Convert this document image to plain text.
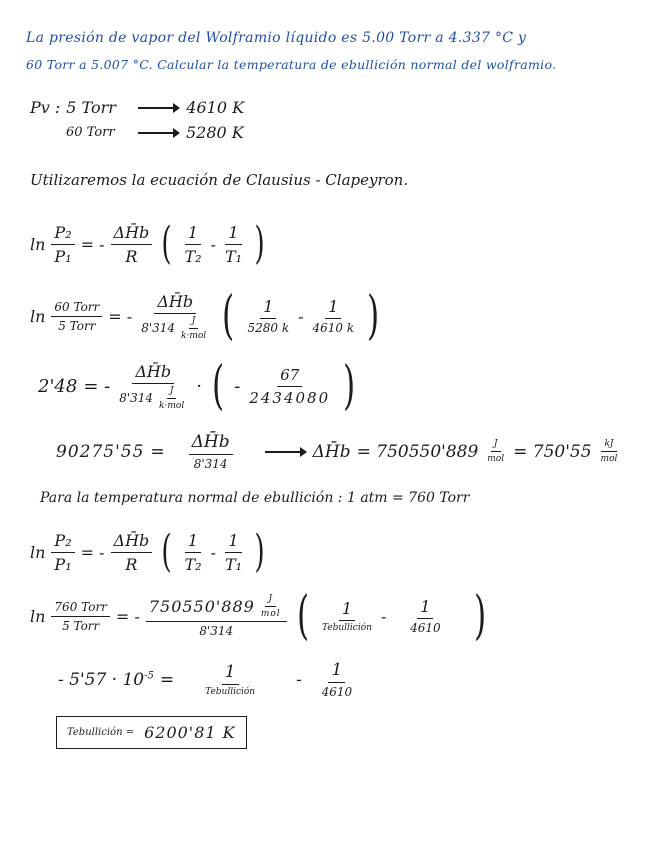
La presión de vapor del Wolframio líquido es 5.00 Torr a 4.337 °C y
60 Torr a 5.007 °C. Calcular la temperatura de ebullición normal del wolframio.
Pv : 5 Torr	4610 K
60 Torr	5280 K
Utilizaremos la ecuación de Clausius - Clapeyron.
$\ln \frac{\text{P₂}}{\text{P₁}}$ = - $\frac{\Delta H̄b}{R}$ ( $\frac{1}{\text{T₂}} - \frac{1}{\text{T₁}}$ )
$\ln \frac{\text{60 Torr}}{\text{5 Torr}}$ = - $\frac{\Delta H̄b}{8'314 \frac{J}{\text{k·mol}}}$ ( $\frac{1}{5280 k} - \frac{1}{4610 k}$ )
2'48 = - $\frac{\Delta H̄b}{8'314 \frac{J}{\text{k·mol}}}$ · ( - $\frac{67}{2434080}$ )
$90275'55 = \frac{\Delta H̄b}{8'314}$	ΔH̄b = $750550'889 \frac{J}{\text{mol}} = 750'55 \frac{kJ}{\text{mol}}$
Para la temperatura normal de ebullición : 1 atm = 760 Torr
$\ln \frac{\text{P₂}}{\text{P₁}}$ = - $\frac{\Delta H̄b}{R}$ ( $\frac{1}{\text{T₂}} - \frac{1}{\text{T₁}}$ )
$\ln \frac{\text{760 Torr}}{\text{5 Torr}}$ = - $\frac{750550'889 \frac{J}{\text{mol}}}{8'314}$ ( $\frac{1}{\text{Tebullición}} - \frac{1}{4610}$ )
- $5'57 \cdot 10^{-5} = \frac{1}{\text{Tebullición}} - \frac{1}{4610}$
Tebullición = 6200'81 K
